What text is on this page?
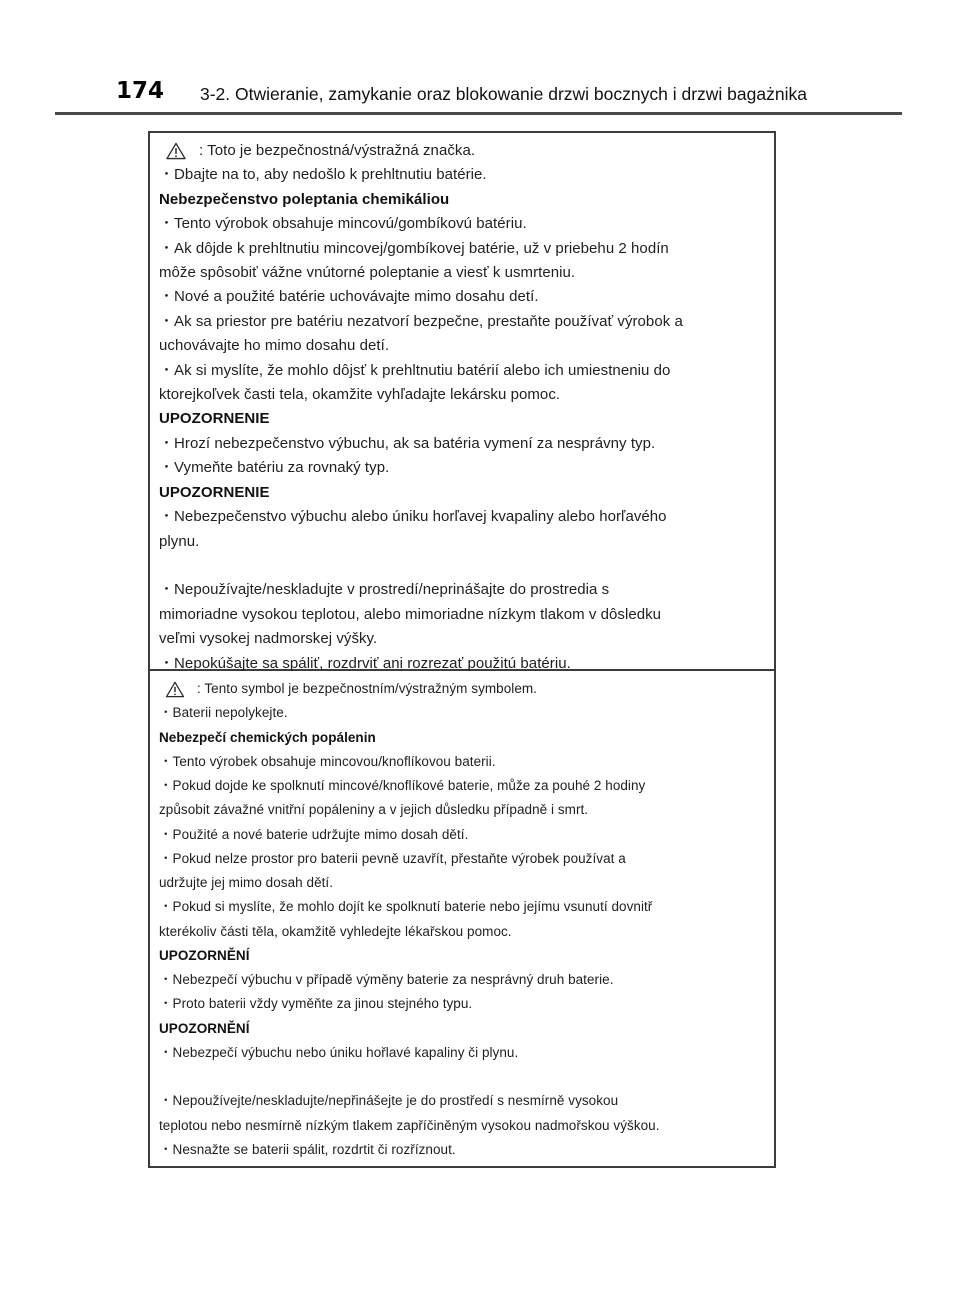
174 3-2. Otwieranie, zamykanie oraz blokowanie drzwi bocznych i drzwi bagażnika
: Toto je bezpečnostná/výstražná značka.
・Dbajte na to, aby nedošlo k prehltnutiu batérie.
Nebezpečenstvo poleptania chemikáliou
・Tento výrobok obsahuje mincovú/gombíkovú batériu.
・Ak dôjde k prehltnutiu mincovej/gombíkovej batérie, už v priebehu 2 hodín
môže spôsobiť vážne vnútorné poleptanie a viesť k usmrteniu.
・Nové a použité batérie uchovávajte mimo dosahu detí.
・Ak sa priestor pre batériu nezatvorí bezpečne, prestaňte používať výrobok a
uchovávajte ho mimo dosahu detí.
・Ak si myslíte, že mohlo dôjsť k prehltnutiu batérií alebo ich umiestneniu do
ktorejkoľvek časti tela, okamžite vyhľadajte lekársku pomoc.
UPOZORNENIE
・Hrozí nebezpečenstvo výbuchu, ak sa batéria vymení za nesprávny typ.
・Vymeňte batériu za rovnaký typ.
UPOZORNENIE
・Nebezpečenstvo výbuchu alebo úniku horľavej kvapaliny alebo horľavého
plynu.
・Nepoužívajte/neskladujte v prostredí/neprinášajte do prostredia s
mimoriadne vysokou teplotou, alebo mimoriadne nízkym tlakom v dôsledku
veľmi vysokej nadmorskej výšky.
・Nepokúšajte sa spáliť, rozdrviť ani rozrezať použitú batériu.
: Tento symbol je bezpečnostním/výstražným symbolem.
・Baterii nepolykejte.
Nebezpečí chemických popálenin
・Tento výrobek obsahuje mincovou/knoflíkovou baterii.
・Pokud dojde ke spolknutí mincové/knoflíkové baterie, může za pouhé 2 hodiny
způsobit závažné vnitřní popáleniny a v jejich důsledku případně i smrt.
・Použité a nové baterie udržujte mimo dosah dětí.
・Pokud nelze prostor pro baterii pevně uzavřít, přestaňte výrobek používat a
udržujte jej mimo dosah dětí.
・Pokud si myslíte, že mohlo dojít ke spolknutí baterie nebo jejímu vsunutí dovnitř
kterékoliv části těla, okamžitě vyhledejte lékařskou pomoc.
UPOZORNĚNÍ
・Nebezpečí výbuchu v případě výměny baterie za nesprávný druh baterie.
・Proto baterii vždy vyměňte za jinou stejného typu.
UPOZORNĚNÍ
・Nebezpečí výbuchu nebo úniku hořlavé kapaliny či plynu.
・Nepoužívejte/neskladujte/nepřinášejte je do prostředí s nesmírně vysokou
teplotou nebo nesmírně nízkým tlakem zapříčiněným vysokou nadmořskou výškou.
・Nesnažte se baterii spálit, rozdrtit či rozříznout.
